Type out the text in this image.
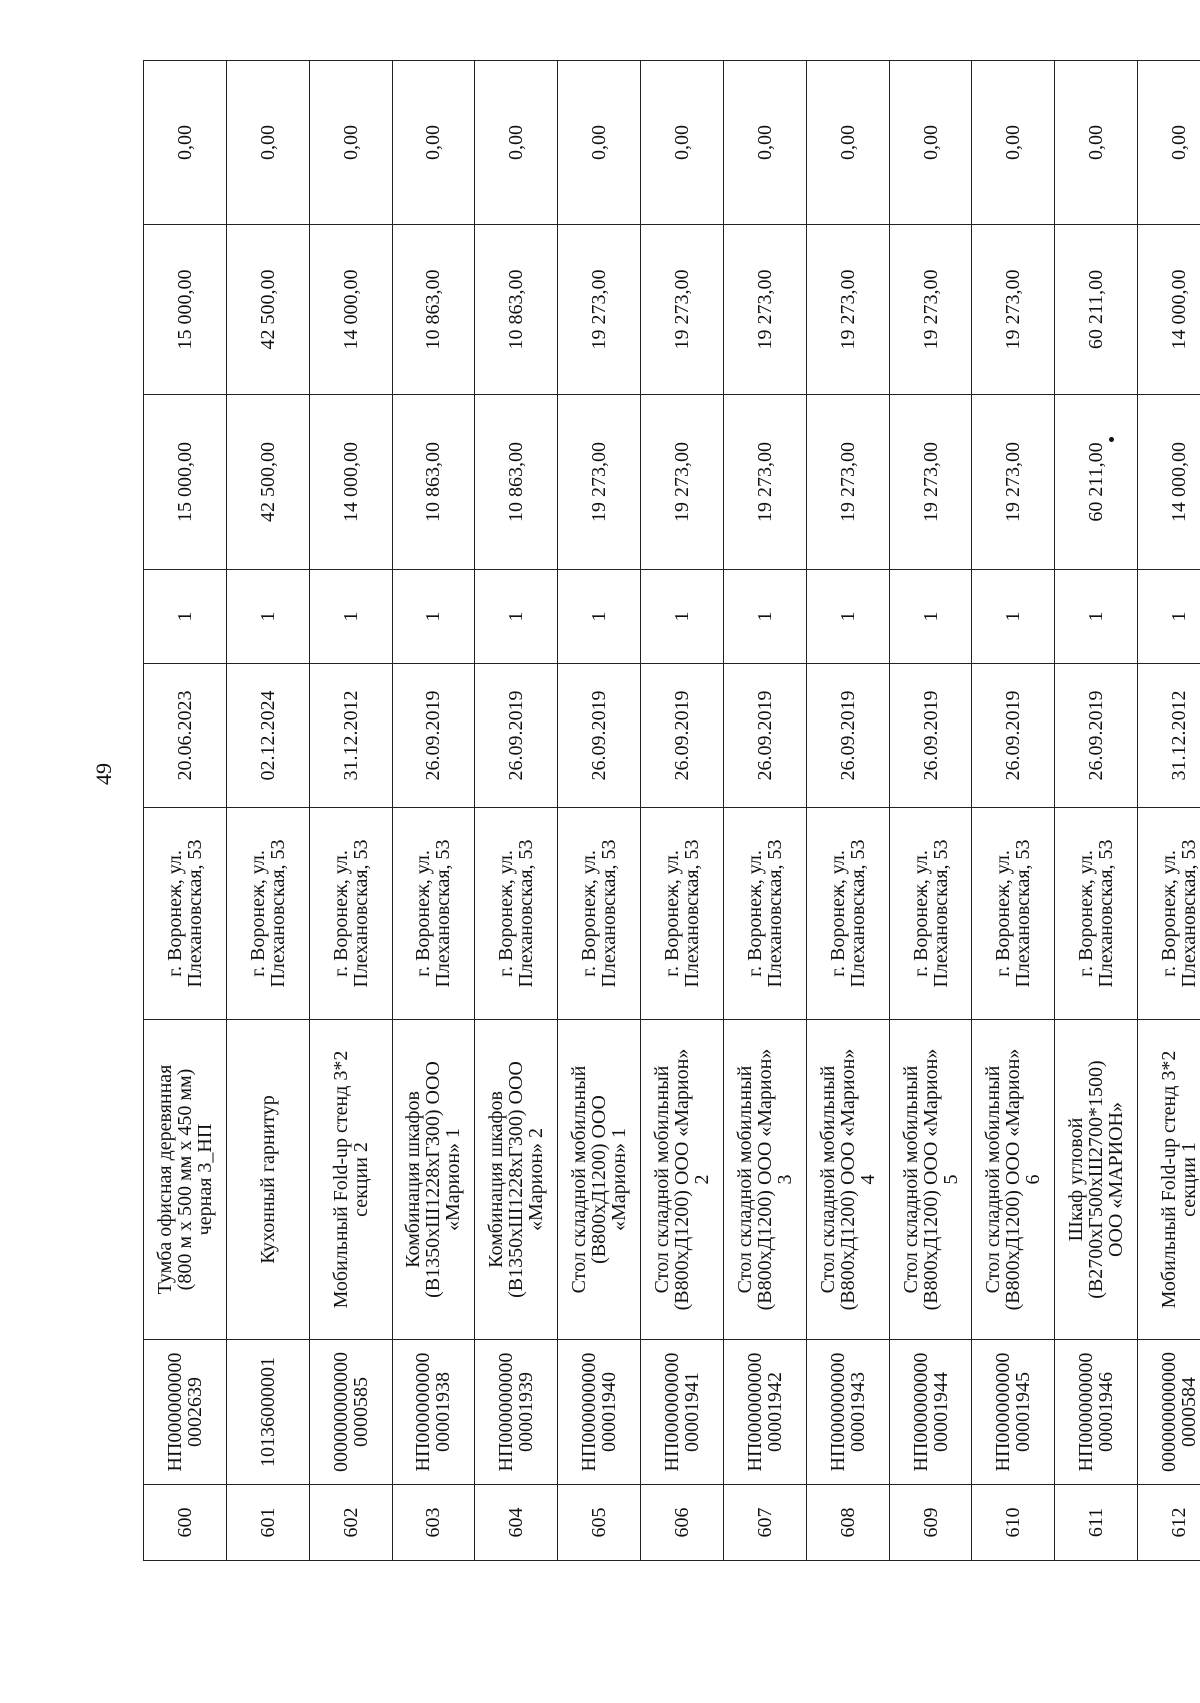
49
600	НП000000000
0002639	Тумба офисная деревянная
(800 м х 500 мм х 450 мм)
черная 3_НП	г. Воронеж, ул.
Плехановская, 53	20.06.2023	1	15 000,00	15 000,00	0,00
601	10136000001	Кухонный гарнитур	г. Воронеж, ул.
Плехановская, 53	02.12.2024	1	42 500,00	42 500,00	0,00
602	000000000000
0000585	Мобильный Fold-up стенд 3*2
секции 2	г. Воронеж, ул.
Плехановская, 53	31.12.2012	1	14 000,00	14 000,00	0,00
603	НП000000000
00001938	Комбинация шкафов
(В1350хШ1228хГ300) ООО
«Марион» 1	г. Воронеж, ул.
Плехановская, 53	26.09.2019	1	10 863,00	10 863,00	0,00
604	НП000000000
00001939	Комбинация шкафов
(В1350хШ1228хГ300) ООО
«Марион» 2	г. Воронеж, ул.
Плехановская, 53	26.09.2019	1	10 863,00	10 863,00	0,00
605	НП000000000
00001940	Стол складной мобильный
(В800хД1200) ООО
«Марион» 1	г. Воронеж, ул.
Плехановская, 53	26.09.2019	1	19 273,00	19 273,00	0,00
606	НП000000000
00001941	Стол складной мобильный
(В800хД1200) ООО «Марион»
2	г. Воронеж, ул.
Плехановская, 53	26.09.2019	1	19 273,00	19 273,00	0,00
607	НП000000000
00001942	Стол складной мобильный
(В800хД1200) ООО «Марион»
3	г. Воронеж, ул.
Плехановская, 53	26.09.2019	1	19 273,00	19 273,00	0,00
608	НП000000000
00001943	Стол складной мобильный
(В800хД1200) ООО «Марион»
4	г. Воронеж, ул.
Плехановская, 53	26.09.2019	1	19 273,00	19 273,00	0,00
609	НП000000000
00001944	Стол складной мобильный
(В800хД1200) ООО «Марион»
5	г. Воронеж, ул.
Плехановская, 53	26.09.2019	1	19 273,00	19 273,00	0,00
610	НП000000000
00001945	Стол складной мобильный
(В800хД1200) ООО «Марион»
6	г. Воронеж, ул.
Плехановская, 53	26.09.2019	1	19 273,00	19 273,00	0,00
611	НП000000000
00001946	Шкаф угловой
(В2700хГ500хШ2700*1500)
ООО «МАРИОН»	г. Воронеж, ул.
Плехановская, 53	26.09.2019	1	60 211,00	60 211,00	0,00
612	000000000000
0000584	Мобильный Fold-up стенд 3*2
секции 1	г. Воронеж, ул.
Плехановская, 53	31.12.2012	1	14 000,00	14 000,00	0,00
